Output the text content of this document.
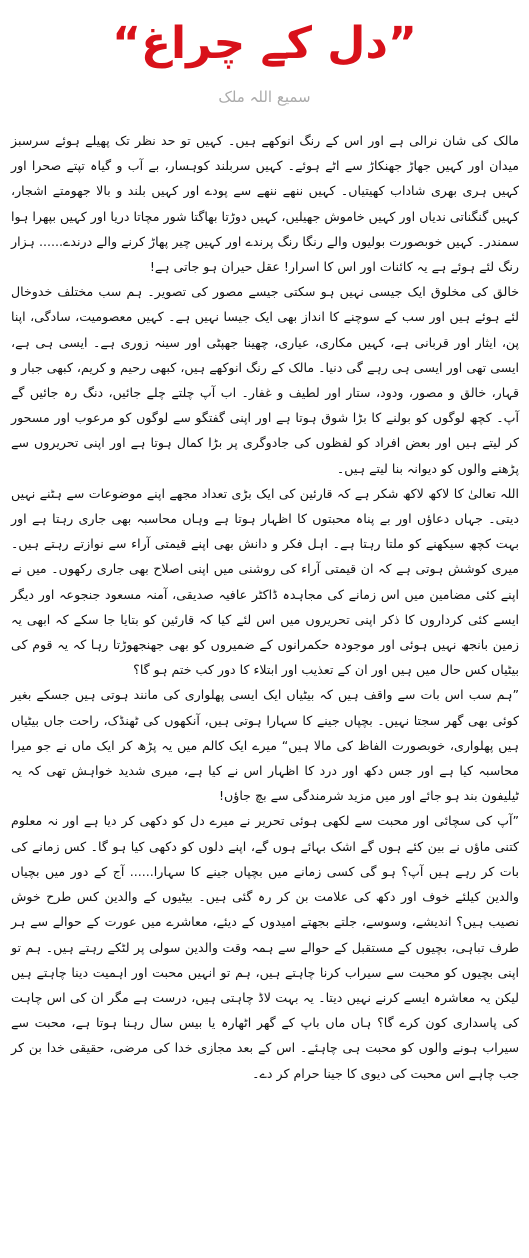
”دل کے چراغ“
سمیع اللہ ملک

مالک کی شان نرالی ہے اور اس کے رنگ انوکھے ہیں۔ کہیں تو حد نظر تک پھیلے ہوئے سرسبز میدان اور کہیں جھاڑ جھنکاڑ سے اٹے ہوئے۔ کہیں سربلند کوہسار، بے آب و گیاہ تپتے صحرا اور کہیں ہری بھری شاداب کھیتیاں۔ کہیں ننھے ننھے سے پودے اور کہیں بلند و بالا جھومتے اشجار، کہیں گنگناتی ندیاں اور کہیں خاموش جھیلیں، کہیں دوڑتا بھاگتا شور مچاتا دریا اور کہیں بپھرا ہوا سمندر۔ کہیں خوبصورت بولیوں والے رنگا رنگ پرندے اور کہیں چیر پھاڑ کرنے والے درندے...... ہزار رنگ لئے ہوئے ہے یہ کائنات اور اس کا اسرار! عقل حیران ہو جاتی ہے!

خالق کی مخلوق ایک جیسی نہیں ہو سکتی جیسے مصور کی تصویر۔ ہم سب مختلف خدوخال لئے ہوئے ہیں اور سب کے سوچنے کا انداز بھی ایک جیسا نہیں ہے۔ کہیں معصومیت، سادگی، اپنا پن، ایثار اور قربانی ہے، کہیں مکاری، عیاری، چھینا جھپٹی اور سینہ زوری ہے۔ ایسی ہی ہے، ایسی تھی اور ایسی ہی رہے گی دنیا۔ مالک کے رنگ انوکھے ہیں، کبھی رحیم و کریم، کبھی جبار و قہار، خالق و مصور، ودود، ستار اور لطیف و غفار۔ اب آپ چلتے چلے جائیں، دنگ رہ جائیں گے آپ۔ کچھ لوگوں کو بولنے کا بڑا شوق ہوتا ہے اور اپنی گفتگو سے لوگوں کو مرعوب اور مسحور کر لیتے ہیں اور بعض افراد کو لفظوں کی جادوگری پر بڑا کمال ہوتا ہے اور اپنی تحریروں سے پڑھنے والوں کو دیوانہ بنا لیتے ہیں۔

اللہ تعالیٰ کا لاکھ لاکھ شکر ہے کہ قارئین کی ایک بڑی تعداد مجھے اپنے موضوعات سے ہٹنے نہیں دیتی۔ جہاں دعاؤں اور بے پناہ محبتوں کا اظہار ہوتا ہے وہاں محاسبہ بھی جاری رہتا ہے اور بہت کچھ سیکھنے کو ملتا رہتا ہے۔ اہل فکر و دانش بھی اپنے قیمتی آراء سے نوازتے رہتے ہیں۔ میری کوشش ہوتی ہے کہ ان قیمتی آراء کی روشنی میں اپنی اصلاح بھی جاری رکھوں۔ میں نے اپنے کئی مضامین میں اس زمانے کی مجاہدہ ڈاکٹر عافیہ صدیقی، آمنہ مسعود جنجوعہ اور دیگر ایسے کئی کرداروں کا ذکر اپنی تحریروں میں اس لئے کیا کہ قارئین کو بتایا جا سکے کہ ابھی یہ زمین بانجھ نہیں ہوئی اور موجودہ حکمرانوں کے ضمیروں کو بھی جھنجھوڑتا رہا کہ یہ قوم کی بیٹیاں کس حال میں ہیں اور ان کے تعذیب اور ابتلاء کا دور کب ختم ہو گا؟

”ہم سب اس بات سے واقف ہیں کہ بیٹیاں ایک ایسی پھلواری کی مانند ہوتی ہیں جسکے بغیر کوئی بھی گھر سجتا نہیں۔ بچپاں جینے کا سہارا ہوتی ہیں، آنکھوں کی ٹھنڈک، راحت جاں بیٹیاں ہیں پھلواری، خوبصورت الفاظ کی مالا ہیں“ میرے ایک کالم میں یہ پڑھ کر ایک ماں نے جو میرا محاسبہ کیا ہے اور جس دکھ اور درد کا اظہار اس نے کیا ہے، میری شدید خواہش تھی کہ یہ ٹیلیفون بند ہو جائے اور میں مزید شرمندگی سے بچ جاؤں!

”آپ کی سچائی اور محبت سے لکھی ہوئی تحریر نے میرے دل کو دکھی کر دیا ہے اور نہ معلوم کتنی ماؤں نے بین کئے ہوں گے اشک بہائے ہوں گے، اپنے دلوں کو دکھی کیا ہو گا۔ کس زمانے کی بات کر رہے ہیں آپ؟ ہو گی کسی زمانے میں بچپاں جینے کا سہارا...... آج کے دور میں بچیاں والدین کیلئے خوف اور دکھ کی علامت بن کر رہ گئی ہیں۔ بیٹیوں کے والدین کس طرح خوش نصیب ہیں؟ اندیشے، وسوسے، جلتے بجھتے امیدوں کے دیئے، معاشرے میں عورت کے حوالے سے ہر طرف تباہی، بچیوں کے مستقبل کے حوالے سے ہمہ وقت والدین سولی پر لٹکے رہتے ہیں۔ ہم تو اپنی بچیوں کو محبت سے سیراب کرنا چاہتے ہیں، ہم تو انہیں محبت اور اہمیت دینا چاہتے ہیں لیکن یہ معاشرہ ایسے کرنے نہیں دیتا۔ یہ بہت لاڈ چاہتی ہیں، درست ہے مگر ان کی اس چاہت کی پاسداری کون کرے گا؟ ہاں ماں باپ کے گھر اٹھارہ یا بیس سال رہنا ہوتا ہے، محبت سے سیراب ہونے والوں کو محبت ہی چاہئے۔ اس کے بعد مجازی خدا کی مرضی، حقیقی خدا بن کر جب چاہے اس محبت کی دیوی کا جینا حرام کر دے۔
